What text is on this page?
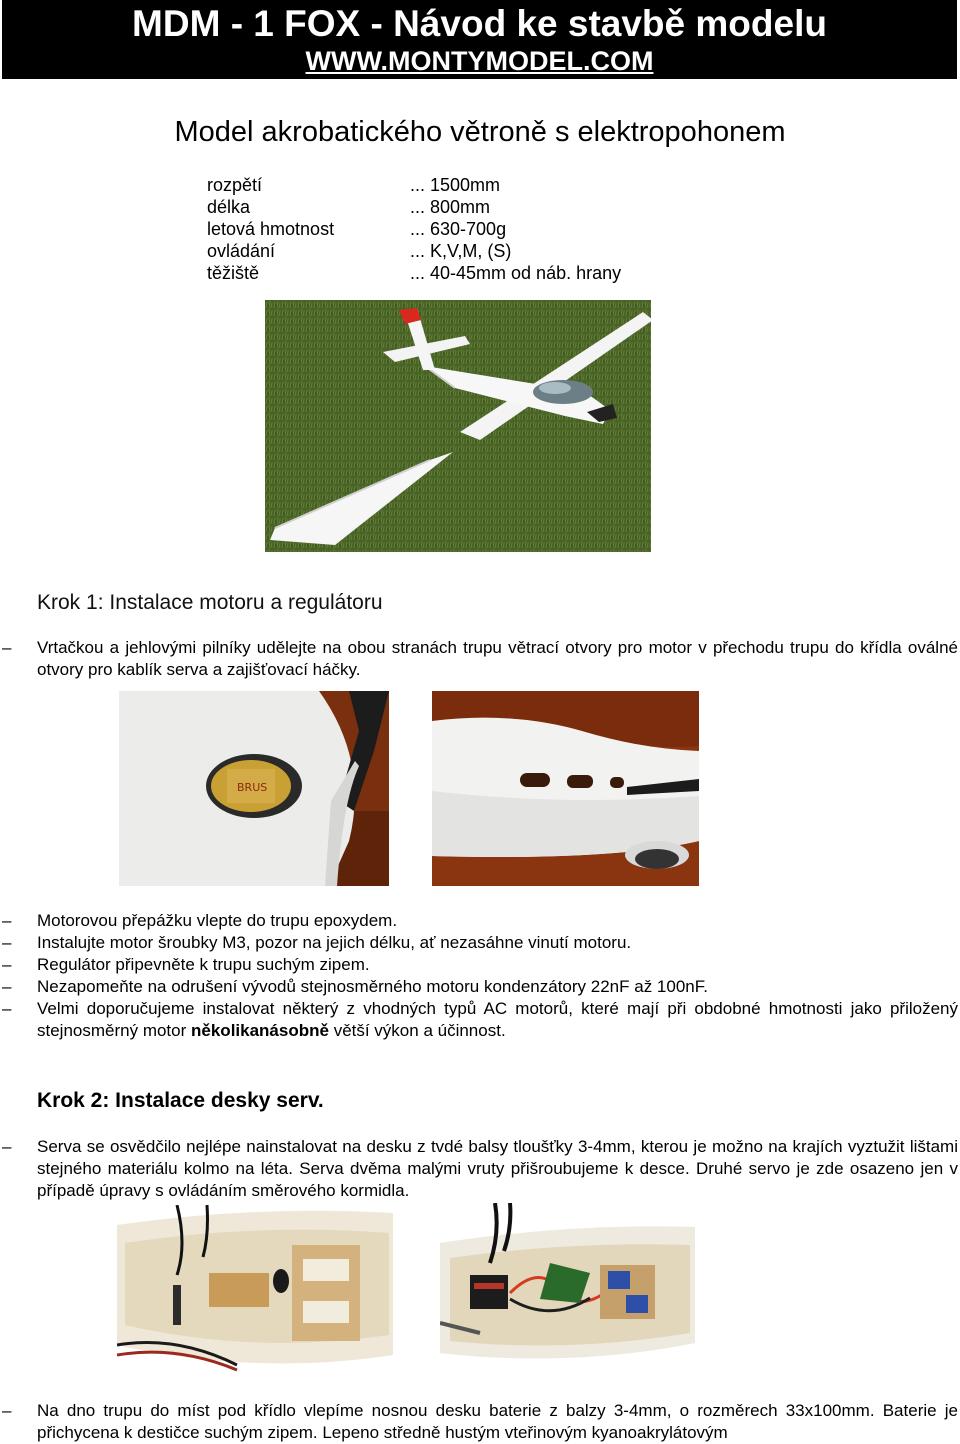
MDM - 1 FOX - Návod ke stavbě modelu
WWW.MONTYMODEL.COM
Model akrobatického větroně s elektropohonem
rozpětí	... 1500mm
délka	... 800mm
letová hmotnost	... 630-700g
ovládání	... K,V,M, (S)
těžiště	... 40-45mm od náb. hrany
Krok 1: Instalace motoru a regulátoru
– Vrtačkou a jehlovými pilníky udělejte na obou stranách trupu větrací otvory pro motor v přechodu trupu do křídla oválné otvory pro kablík serva a zajišťovací háčky.
BRUS
– Motorovou přepážku vlepte do trupu epoxydem.
– Instalujte motor šroubky M3, pozor na jejich délku, ať nezasáhne vinutí motoru.
– Regulátor připevněte k trupu suchým zipem.
– Nezapomeňte na odrušení vývodů stejnosměrného motoru kondenzátory 22nF až 100nF.
– Velmi doporučujeme instalovat některý z vhodných typů AC motorů, které mají při obdobné hmotnosti jako přiložený stejnosměrný motor několikanásobně větší výkon a účinnost.
Krok 2: Instalace desky serv.
– Serva se osvědčilo nejlépe nainstalovat na desku z tvdé balsy tloušťky 3-4mm, kterou je možno na krajích vyztužit lištami stejného materiálu kolmo na léta. Serva dvěma malými vruty přišroubujeme k desce. Druhé servo je zde osazeno jen v případě úpravy s ovládáním směrového kormidla.
– Na dno trupu do míst pod křídlo vlepíme nosnou desku baterie z balzy 3-4mm, o rozměrech 33x100mm. Baterie je přichycena k destičce suchým zipem. Lepeno středně hustým vteřinovým kyanoakrylátovým
